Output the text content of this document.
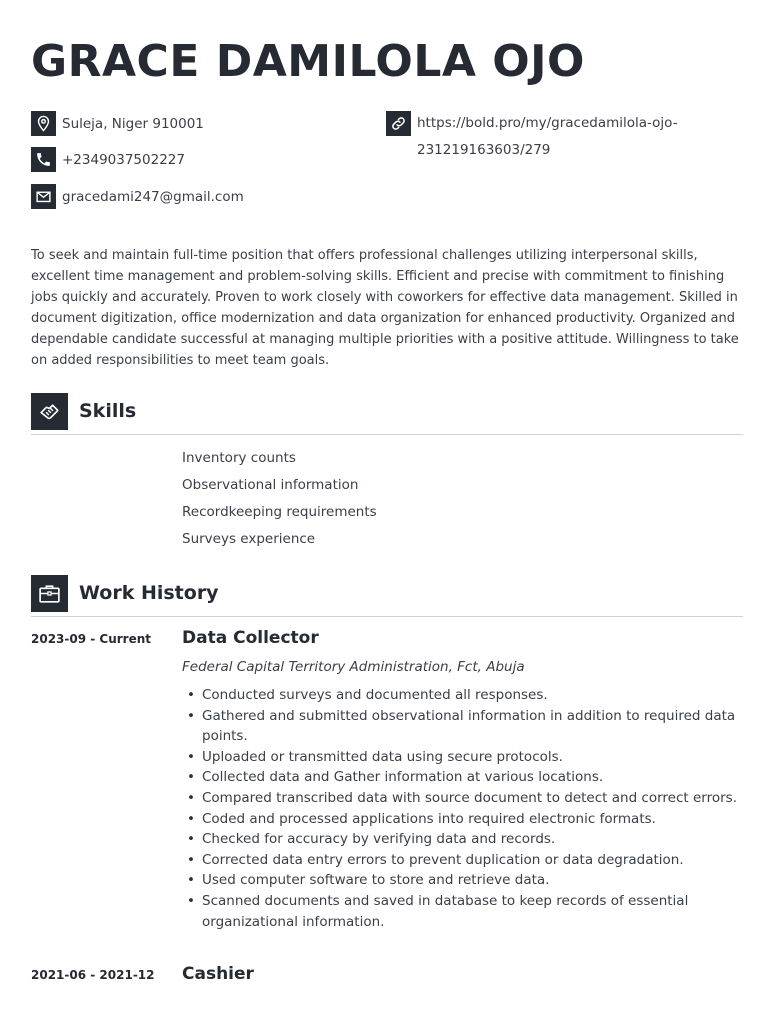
GRACE DAMILOLA OJO
Suleja, Niger 910001
+2349037502227
gracedami247@gmail.com
https://bold.pro/my/gracedamilola-ojo-
231219163603/279

To seek and maintain full-time position that offers professional challenges utilizing interpersonal skills, excellent time management and problem-solving skills. Efficient and precise with commitment to finishing jobs quickly and accurately. Proven to work closely with coworkers for effective data management. Skilled in document digitization, office modernization and data organization for enhanced productivity. Organized and dependable candidate successful at managing multiple priorities with a positive attitude. Willingness to take on added responsibilities to meet team goals.

Skills
Inventory counts
Observational information
Recordkeeping requirements
Surveys experience
Work History
2023-09 - Current Data Collector
Federal Capital Territory Administration, Fct, Abuja
• Conducted surveys and documented all responses.
• Gathered and submitted observational information in addition to required data points.
• Uploaded or transmitted data using secure protocols.
• Collected data and Gather information at various locations.
• Compared transcribed data with source document to detect and correct errors.
• Coded and processed applications into required electronic formats.
• Checked for accuracy by verifying data and records.
• Corrected data entry errors to prevent duplication or data degradation.
• Used computer software to store and retrieve data.
• Scanned documents and saved in database to keep records of essential organizational information.
2021-06 - 2021-12 Cashier
